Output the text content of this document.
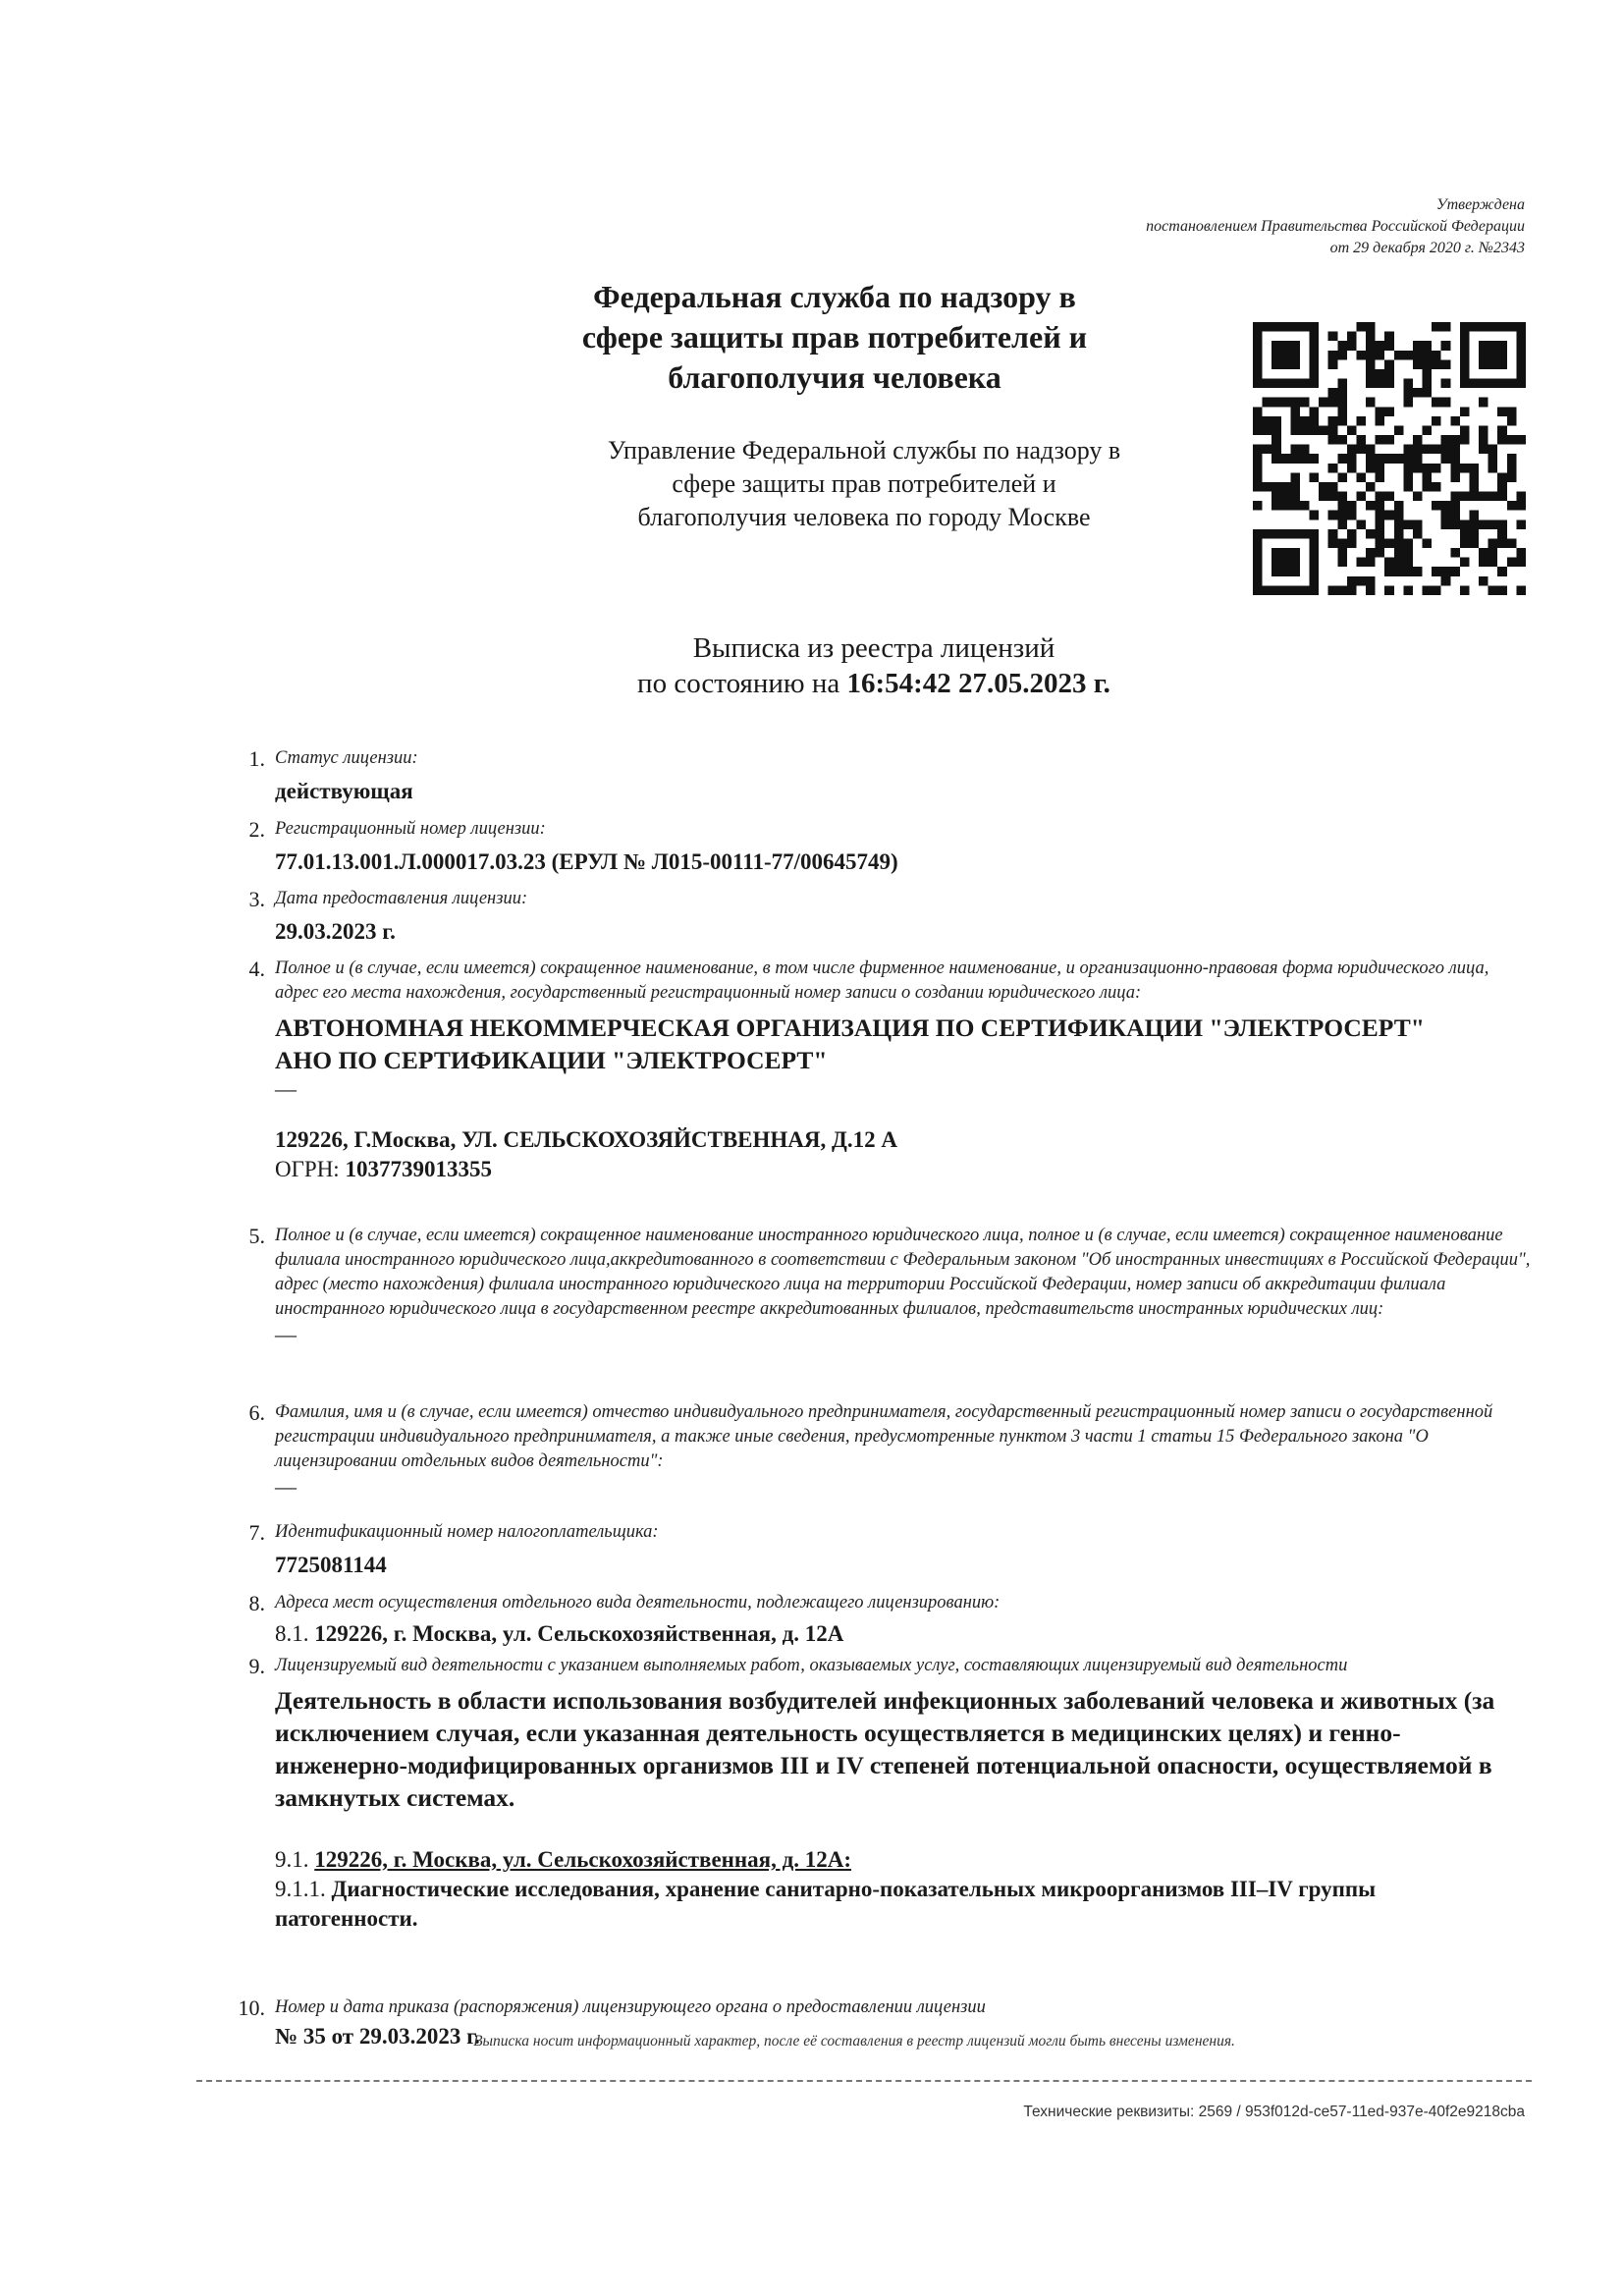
Утверждена
постановлением Правительства Российской Федерации
от 29 декабря 2020 г. №2343
Федеральная служба по надзору в
сфере защиты прав потребителей и
благополучия человека
Управление Федеральной службы по надзору в
сфере защиты прав потребителей и
благополучия человека по городу Москве
Выписка из реестра лицензий
по состоянию на 16:54:42 27.05.2023 г.
1. Статус лицензии:
действующая
2. Регистрационный номер лицензии:
77.01.13.001.Л.000017.03.23 (ЕРУЛ № Л015-00111-77/00645749)
3. Дата предоставления лицензии:
29.03.2023 г.
4. Полное и (в случае, если имеется) сокращенное наименование, в том числе фирменное наименование, и организационно-правовая форма юридического лица, адрес его места нахождения, государственный регистрационный номер записи о создании юридического лица:
АВТОНОМНАЯ НЕКОММЕРЧЕСКАЯ ОРГАНИЗАЦИЯ ПО СЕРТИФИКАЦИИ "ЭЛЕКТРОСЕРТ"
АНО ПО СЕРТИФИКАЦИИ "ЭЛЕКТРОСЕРТ"
—
129226, Г.Москва, УЛ. СЕЛЬСКОХОЗЯЙСТВЕННАЯ, Д.12 А
ОГРН: 1037739013355
5. Полное и (в случае, если имеется) сокращенное наименование иностранного юридического лица, полное и (в случае, если имеется) сокращенное наименование филиала иностранного юридического лица,аккредитованного в соответствии с Федеральным законом "Об иностранных инвестициях в Российской Федерации", адрес (место нахождения) филиала иностранного юридического лица на территории Российской Федерации, номер записи об аккредитации филиала иностранного юридического лица в государственном реестре аккредитованных филиалов, представительств иностранных юридических лиц:
—
6. Фамилия, имя и (в случае, если имеется) отчество индивидуального предпринимателя, государственный регистрационный номер записи о государственной регистрации индивидуального предпринимателя, а также иные сведения, предусмотренные пунктом 3 части 1 статьи 15 Федерального закона "О лицензировании отдельных видов деятельности":
—
7. Идентификационный номер налогоплательщика:
7725081144
8. Адреса мест осуществления отдельного вида деятельности, подлежащего лицензированию:
8.1. 129226, г. Москва, ул. Сельскохозяйственная, д. 12А
9. Лицензируемый вид деятельности с указанием выполняемых работ, оказываемых услуг, составляющих лицензируемый вид деятельности
Деятельность в области использования возбудителей инфекционных заболеваний человека и животных (за исключением случая, если указанная деятельность осуществляется в медицинских целях) и генно-инженерно-модифицированных организмов III и IV степеней потенциальной опасности, осуществляемой в замкнутых системах.
9.1. 129226, г. Москва, ул. Сельскохозяйственная, д. 12А:
9.1.1. Диагностические исследования, хранение санитарно-показательных микроорганизмов III–IV группы патогенности.
10. Номер и дата приказа (распоряжения) лицензирующего органа о предоставлении лицензии
№ 35 от 29.03.2023 г.
Выписка носит информационный характер, после её составления в реестр лицензий могли быть внесены изменения.
Технические реквизиты: 2569 / 953f012d-ce57-11ed-937e-40f2e9218cba
